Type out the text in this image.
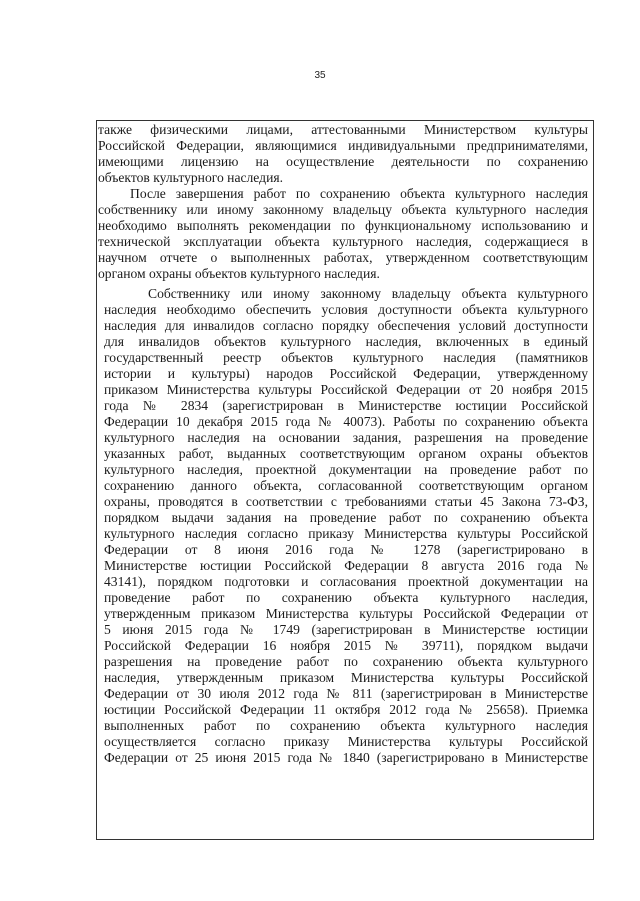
35
также физическими лицами, аттестованными Министерством культуры
Российской Федерации, являющимися индивидуальными предпринимателями,
имеющими лицензию на осуществление деятельности по сохранению
объектов культурного наследия.
После завершения работ по сохранению объекта культурного наследия
собственнику или иному законному владельцу объекта культурного наследия
необходимо выполнять рекомендации по функциональному использованию и
технической эксплуатации объекта культурного наследия, содержащиеся в
научном отчете о выполненных работах, утвержденном соответствующим
органом охраны объектов культурного наследия.
Собственнику или иному законному владельцу объекта культурного
наследия необходимо обеспечить условия доступности объекта культурного
наследия для инвалидов согласно порядку обеспечения условий доступности
для инвалидов объектов культурного наследия, включенных в единый
государственный реестр объектов культурного наследия (памятников
истории и культуры) народов Российской Федерации, утвержденному
приказом Министерства культуры Российской Федерации от 20 ноября 2015
года № 2834 (зарегистрирован в Министерстве юстиции Российской
Федерации 10 декабря 2015 года № 40073). Работы по сохранению объекта
культурного наследия на основании задания, разрешения на проведение
указанных работ, выданных соответствующим органом охраны объектов
культурного наследия, проектной документации на проведение работ по
сохранению данного объекта, согласованной соответствующим органом
охраны, проводятся в соответствии с требованиями статьи 45 Закона 73-ФЗ,
порядком выдачи задания на проведение работ по сохранению объекта
культурного наследия согласно приказу Министерства культуры Российской
Федерации от 8 июня 2016 года № 1278 (зарегистрировано в
Министерстве юстиции Российской Федерации 8 августа 2016 года №
43141), порядком подготовки и согласования проектной документации на
проведение работ по сохранению объекта культурного наследия,
утвержденным приказом Министерства культуры Российской Федерации от
5 июня 2015 года № 1749 (зарегистрирован в Министерстве юстиции
Российской Федерации 16 ноября 2015 № 39711), порядком выдачи
разрешения на проведение работ по сохранению объекта культурного
наследия, утвержденным приказом Министерства культуры Российской
Федерации от 30 июля 2012 года № 811 (зарегистрирован в Министерстве
юстиции Российской Федерации 11 октября 2012 года № 25658). Приемка
выполненных работ по сохранению объекта культурного наследия
осуществляется согласно приказу Министерства культуры Российской
Федерации от 25 июня 2015 года № 1840 (зарегистрировано в Министерстве
